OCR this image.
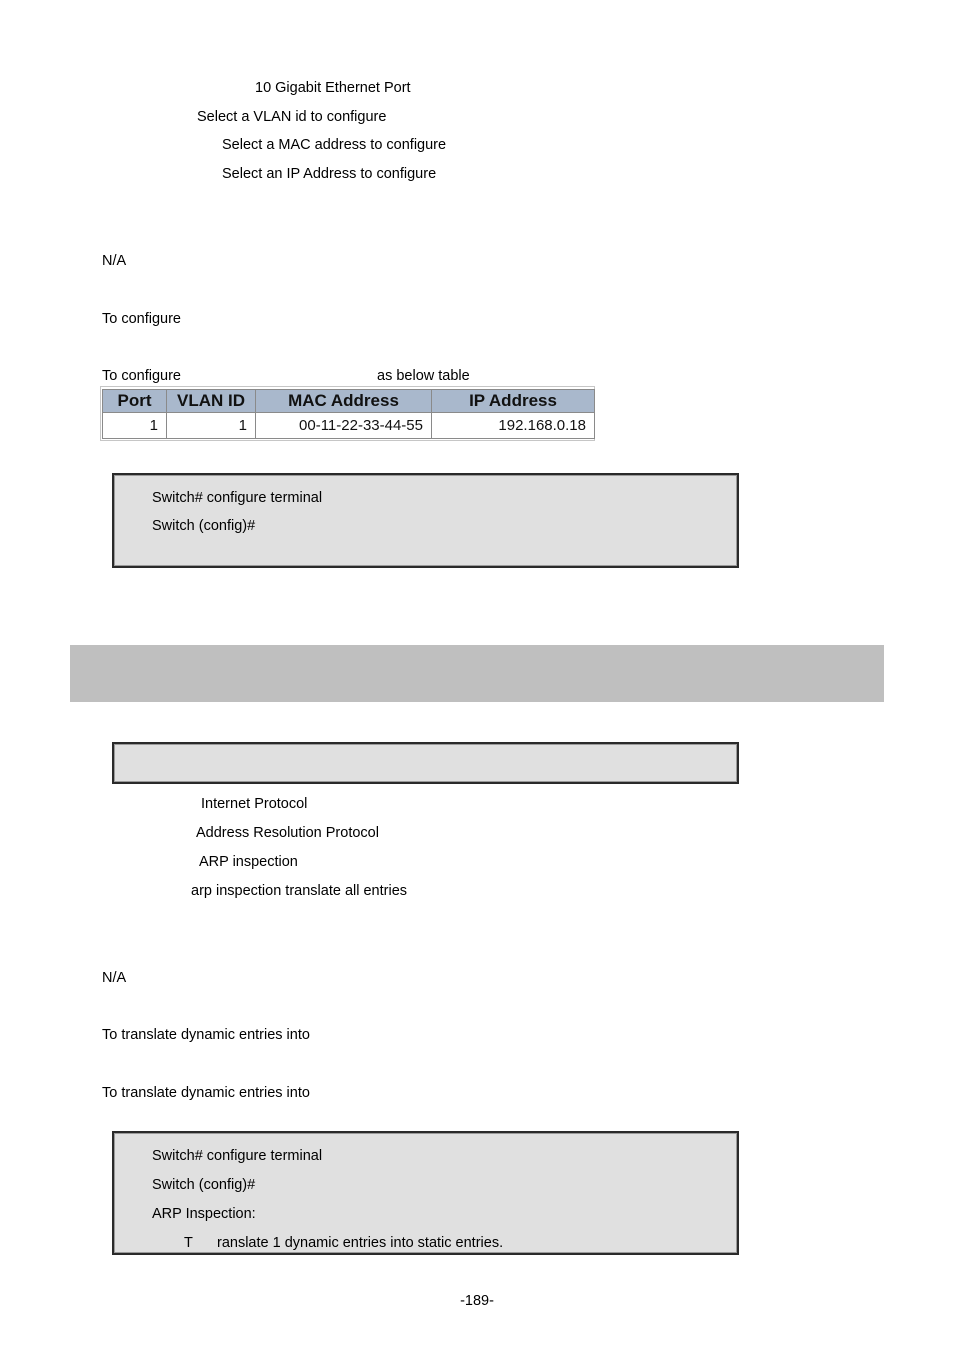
10 Gigabit Ethernet Port
Select a VLAN id to configure
Select a MAC address to configure
Select an IP Address to configure
N/A
To configure
To configure	as below table
Port	VLAN ID	MAC Address	IP Address
1	1	00-11-22-33-44-55	192.168.0.18
Switch# configure terminal
Switch (config)#
Internet Protocol
Address Resolution Protocol
ARP inspection
arp inspection translate all entries
N/A
To translate dynamic entries into
To translate dynamic entries into
Switch# configure terminal
Switch (config)#
ARP Inspection:
T ranslate 1 dynamic entries into static entries.
-189-
